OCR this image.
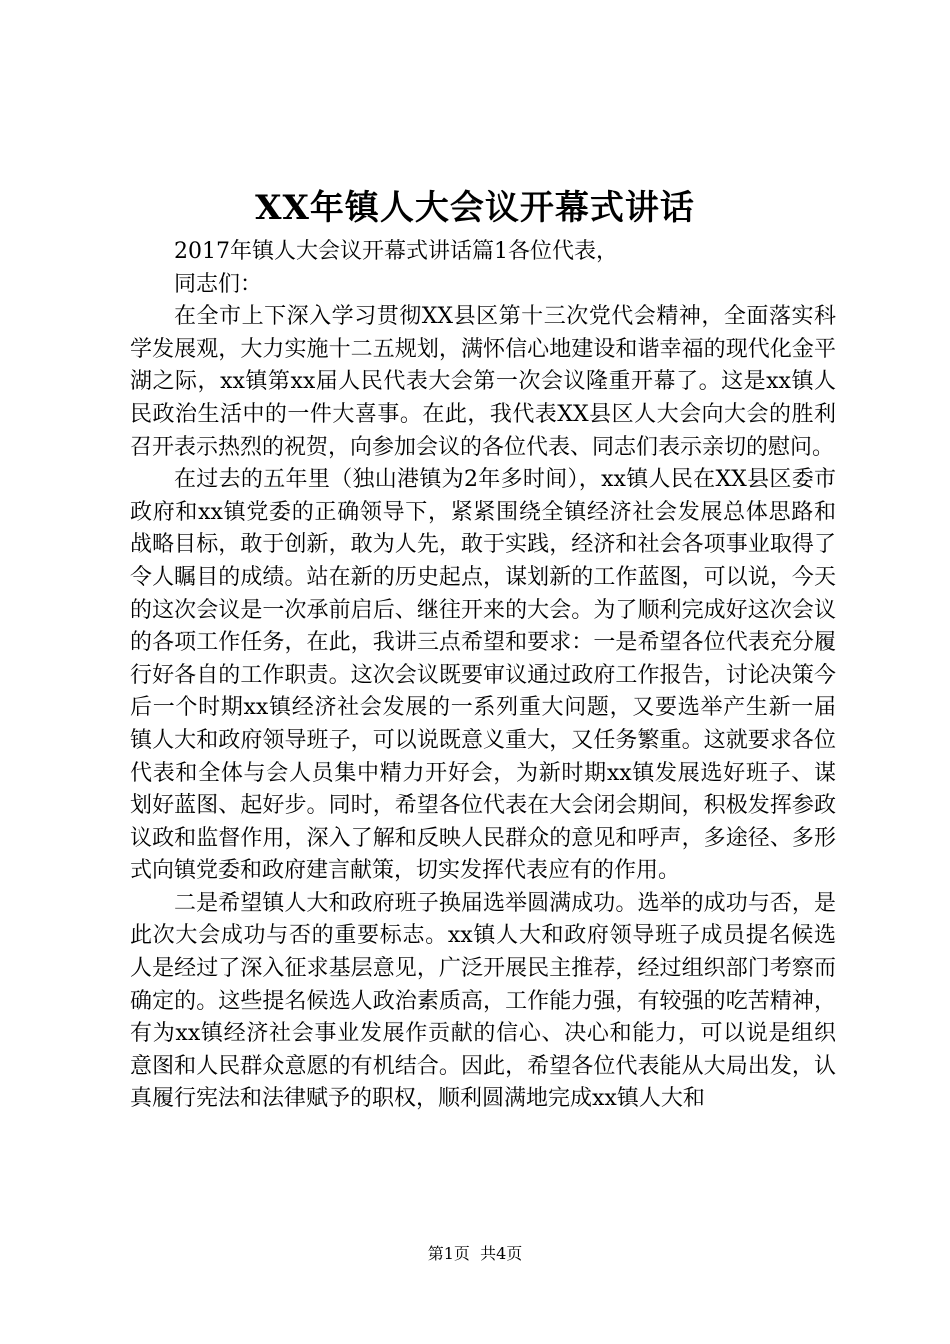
XX年镇人大会议开幕式讲话

2017年镇人大会议开幕式讲话篇1各位代表，

同志们：

在全市上下深入学习贯彻XX县区第十三次党代会精神，全面落实科学发展观，大力实施十二五规划，满怀信心地建设和谐幸福的现代化金平湖之际，xx镇第xx届人民代表大会第一次会议隆重开幕了。这是xx镇人民政治生活中的一件大喜事。在此，我代表XX县区人大会向大会的胜利召开表示热烈的祝贺，向参加会议的各位代表、同志们表示亲切的慰问。

在过去的五年里（独山港镇为2年多时间），xx镇人民在XX县区委市政府和xx镇党委的正确领导下，紧紧围绕全镇经济社会发展总体思路和战略目标，敢于创新，敢为人先，敢于实践，经济和社会各项事业取得了令人瞩目的成绩。站在新的历史起点，谋划新的工作蓝图，可以说，今天的这次会议是一次承前启后、继往开来的大会。为了顺利完成好这次会议的各项工作任务，在此，我讲三点希望和要求：一是希望各位代表充分履行好各自的工作职责。这次会议既要审议通过政府工作报告，讨论决策今后一个时期xx镇经济社会发展的一系列重大问题，又要选举产生新一届镇人大和政府领导班子，可以说既意义重大，又任务繁重。这就要求各位代表和全体与会人员集中精力开好会，为新时期xx镇发展选好班子、谋划好蓝图、起好步。同时，希望各位代表在大会闭会期间，积极发挥参政议政和监督作用，深入了解和反映人民群众的意见和呼声，多途径、多形式向镇党委和政府建言献策，切实发挥代表应有的作用。

二是希望镇人大和政府班子换届选举圆满成功。选举的成功与否，是此次大会成功与否的重要标志。xx镇人大和政府领导班子成员提名候选人是经过了深入征求基层意见，广泛开展民主推荐，经过组织部门考察而确定的。这些提名候选人政治素质高，工作能力强，有较强的吃苦精神，有为xx镇经济社会事业发展作贡献的信心、决心和能力，可以说是组织意图和人民群众意愿的有机结合。因此，希望各位代表能从大局出发，认真履行宪法和法律赋予的职权，顺利圆满地完成xx镇人大和

第1页  共4页
